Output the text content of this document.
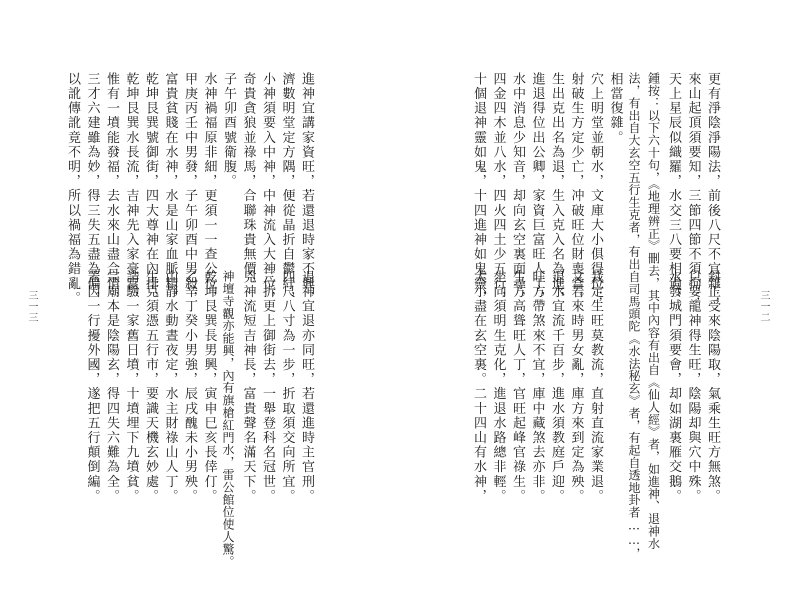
三一二
更有淨陰淨陽法，前後八尺不宜雜；
斜正受來陰陽取，氣乘生旺方無煞。
來山起頂須要知，三節四節不須拘；
只要龍神得生旺，陰陽却與穴中殊。
天上星辰似織羅，水交三八要相過，
水發城門須要會，却如湖裏雁交鵝。
鍾按：以下六十句，《地理辨正》刪去，其中內容有出自《仙人經》者，如進神、退神水
法，有出自大玄空五行生克者，有出自司馬頭陀《水法秘玄》者，有起自透地卦者……，
相當復雜。
穴上明堂並朝水，文庫大小俱得位；
栽定生旺莫教流，直射直流家業退。
射破生方定少亡，冲破旺位財喪當。
文若來時男女亂，庫方來到定為殃。
生出克出名為退，生入克入名為進，
退水宜流千百步，進水須教庭戶迎。
進退得位出公卿，家資巨富旺人丁，
旺方帶煞來不宜，庫中藏煞去亦非。
水中消息少知音，却向玄空裏面尋，
生方高聳旺人丁，官旺起峰官祿生。
四金四木並八水，四火四土少五行，
坐向須明生克化，進退水路總非輕。
十個退神靈如鬼，十四進神如鬼靈，
大小盡在玄空裏。二十四山有水神，
三一三
進神宜講家資旺，若還退時家不興，
退神宜退亦同旺，若還進時主官刑。
濟數明堂定方隅，便從晶折自鬱紆，
四尺八寸為一步，折取須交向所宜。
小神須要入中神，中神流入大神位，
三折更上御街去，一舉登科名冠世。
奇貴貪狼並祿馬，合聯珠貴無價，
兇神流短吉神長，富貴聲名滿天下。
子午卯酉號衛腹。
神壇寺觀亦能興，內有旗槍紅門水，雷公館位使人驚。
水神禍福原非細，更須一一查公位，
乾坤艮巽長男興，寅申巳亥長倖仃。
甲庚丙壬中男發，子午卯酉中男殺，
乙辛丁癸小男強，辰戌醜未小男殃。
富貴貧賤在水神，水是山家血脈精，
山靜水動晝夜定，水主財祿山人丁。
乾坤艮巽號御街，四大尊神在內排，
生克須憑五行市，要識天機玄妙處。
乾坤艮巽水長流，吉神先入家豪富，
請驗一家舊日墳，十墳埋下九墳貧。
惟有一墳能發福，去水來山盡合情，
宗廟本是陰陽玄，得四失六難為全。
三才六建雖為妙，得三失五盡為偏，
蓋因一行擾外國，遂把五行顛倒編。
以訛傳訛竟不明，所以禍福為錯亂。
